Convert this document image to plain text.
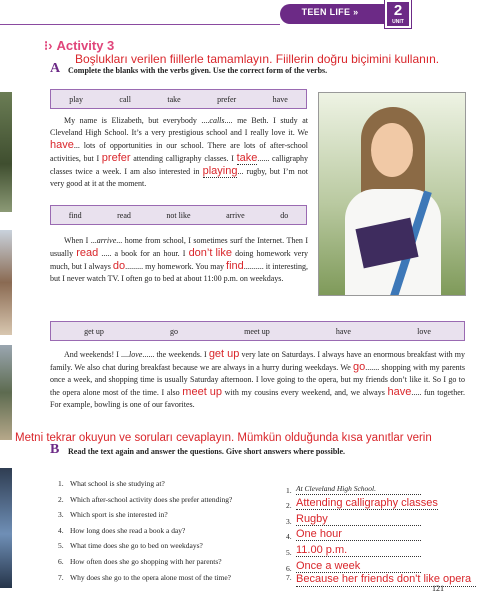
TEEN LIFE »	2
UNIT
⁝› Activity 3
Boşlukları verilen fiillerle tamamlayın. Fiillerin doğru biçimini kullanın.
A Complete the blanks with the verbs given. Use the correct form of the verbs.
play	call	take	prefer	have
My name is Elizabeth, but everybody ....calls.... me Beth. I study at Cleveland High School. It’s a very prestigious school and I really love it. We have... lots of opportunities in our school. There are lots of after-school activities, but I prefer attending calligraphy classes. I take...... calligraphy classes twice a week. I am also interested in playing... rugby, but I’m not very good at it at the moment.
find	read	not like	arrive	do
When I ...arrive... home from school, I sometimes surf the Internet. Then I usually read ..... a book for an hour. I don’t like doing homework very much, but I always do......... my homework. You may find.......... it interesting, but I never watch TV. I often go to bed at about 11:00 p.m. on weekdays.
get up	go	meet up	have	love
And weekends! I ....love...... the weekends. I get up very late on Saturdays. I always have an enormous breakfast with my family. We also chat during breakfast because we are always in a hurry during weekdays. We go....... shopping with my parents once a week, and shopping time is usually Saturday afternoon. I love going to the opera, but my friends don’t like it. So I go to the opera alone most of the time. I also meet up with my cousins every weekend, and, we always have..... fun together. For example, bowling is one of our favorites.
Metni tekrar okuyun ve soruları cevaplayın. Mümkün olduğunda kısa yanıtlar verin
B Read the text again and answer the questions. Give short answers where possible.
1. What school is she studying at?
2. Which after-school activity does she prefer attending?
3. Which sport is she interested in?
4. How long does she read a book a day?
5. What time does she go to bed on weekdays?
6. How often does she go shopping with her parents?
7. Why does she go to the opera alone most of the time?
1. At Cleveland High School.
2. Attending calligraphy classes
3. Rugby
4. One hour
5. 11.00 p.m.
6. Once a week
7. Because her friends don't like opera
121
